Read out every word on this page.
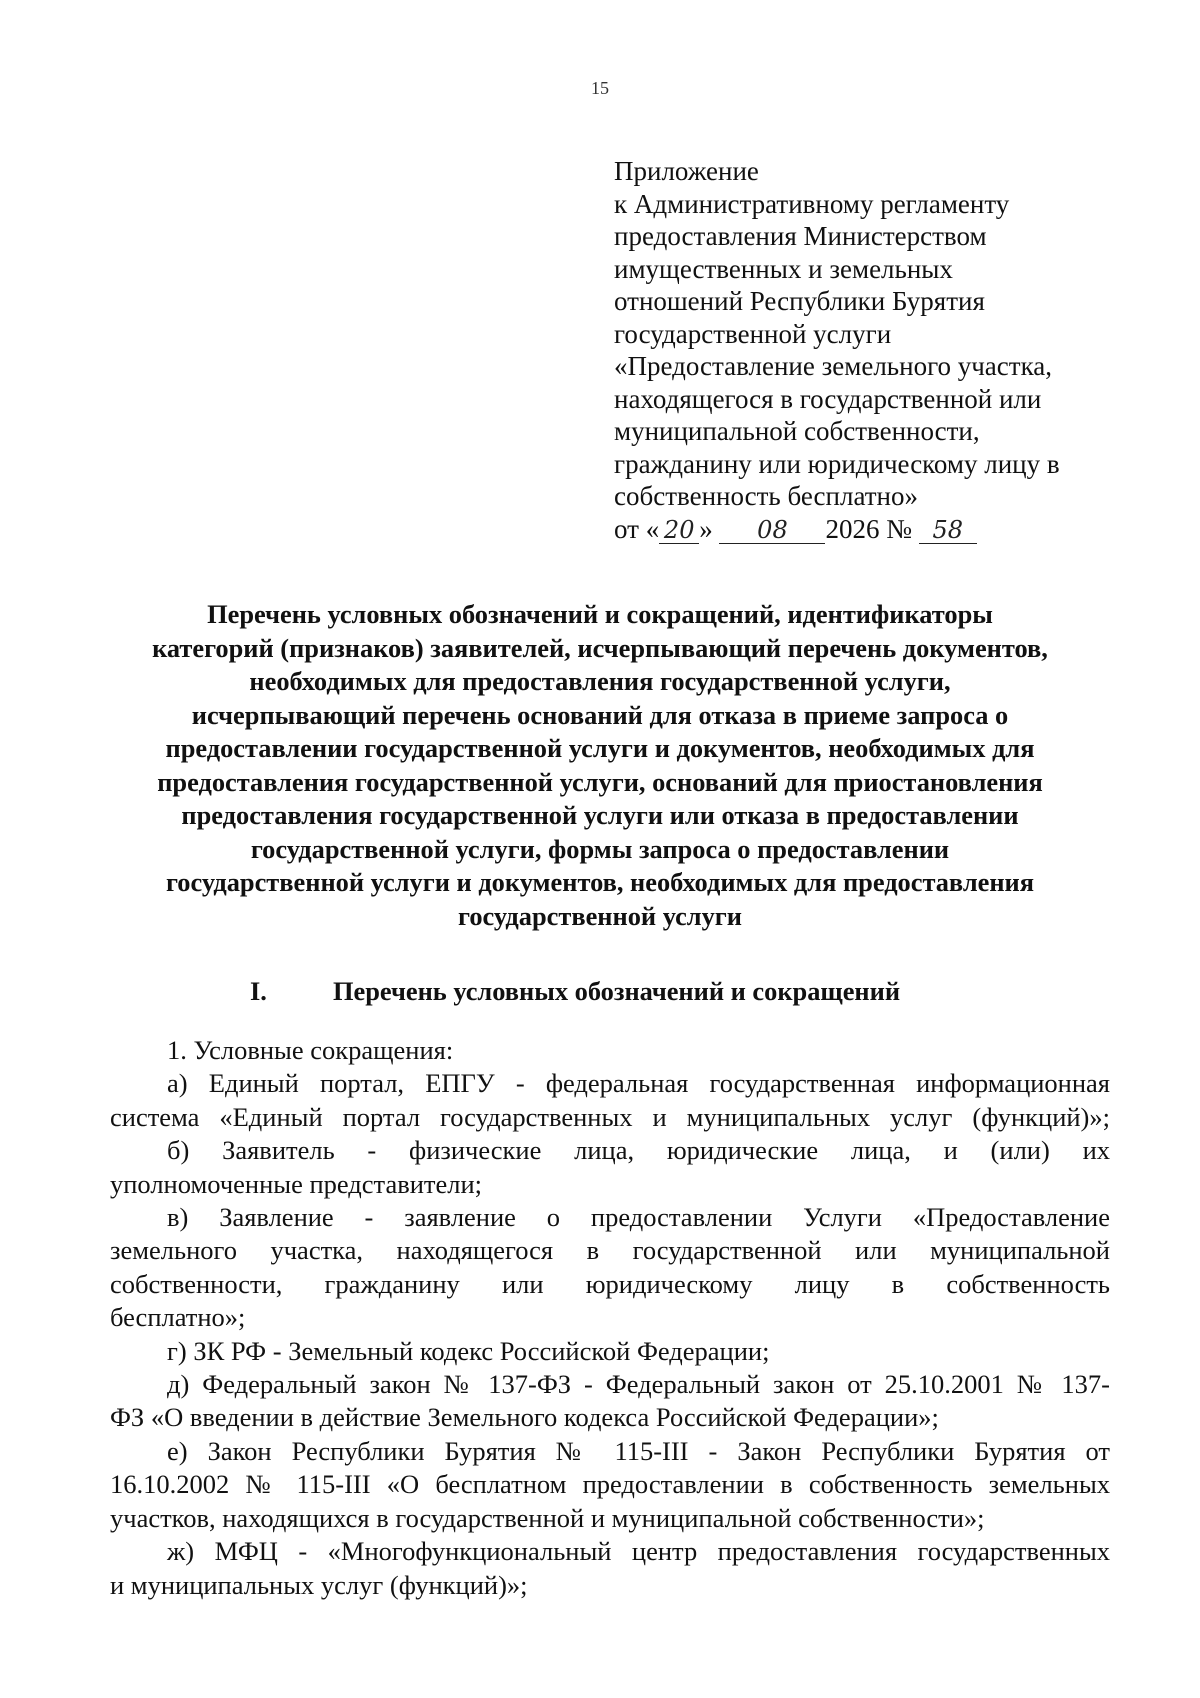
15
Приложение
к Административному регламенту
предоставления Министерством
имущественных и земельных
отношений Республики Бурятия
государственной услуги
«Предоставление земельного участка,
находящегося в государственной или
муниципальной собственности,
гражданину или юридическому лицу в
собственность бесплатно»
от « 20 » 08 2026 № 58
Перечень условных обозначений и сокращений, идентификаторы
категорий (признаков) заявителей, исчерпывающий перечень документов,
необходимых для предоставления государственной услуги,
исчерпывающий перечень оснований для отказа в приеме запроса о
предоставлении государственной услуги и документов, необходимых для
предоставления государственной услуги, оснований для приостановления
предоставления государственной услуги или отказа в предоставлении
государственной услуги, формы запроса о предоставлении
государственной услуги и документов, необходимых для предоставления
государственной услуги
I.	Перечень условных обозначений и сокращений
1. Условные сокращения:
а) Единый портал, ЕПГУ - федеральная государственная информационная
система «Единый портал государственных и муниципальных услуг (функций)»;
б) Заявитель - физические лица, юридические лица, и (или) их
уполномоченные представители;
в) Заявление - заявление о предоставлении Услуги «Предоставление
земельного участка, находящегося в государственной или муниципальной
собственности, гражданину или юридическому лицу в собственность
бесплатно»;
г) ЗК РФ - Земельный кодекс Российской Федерации;
д) Федеральный закон № 137-ФЗ - Федеральный закон от 25.10.2001 № 137-
ФЗ «О введении в действие Земельного кодекса Российской Федерации»;
е) Закон Республики Бурятия № 115-III - Закон Республики Бурятия от
16.10.2002 № 115-III «О бесплатном предоставлении в собственность земельных
участков, находящихся в государственной и муниципальной собственности»;
ж) МФЦ - «Многофункциональный центр предоставления государственных
и муниципальных услуг (функций)»;
